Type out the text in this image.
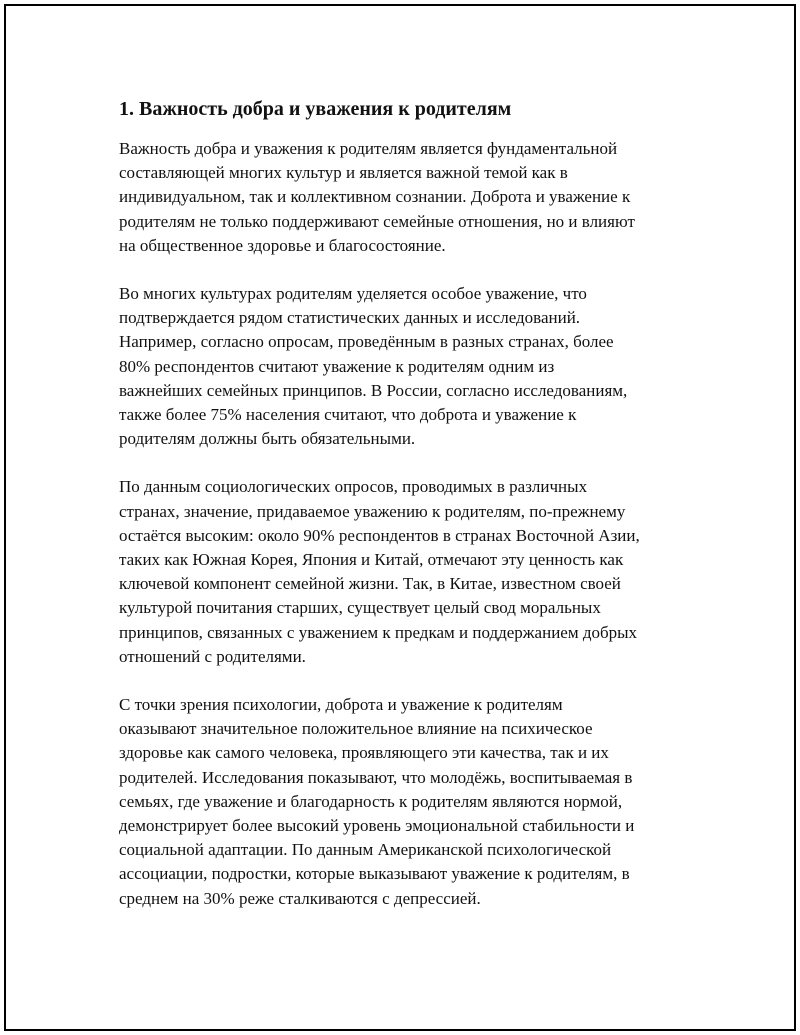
1. Важность добра и уважения к родителям

Важность добра и уважения к родителям является фундаментальной
составляющей многих культур и является важной темой как в
индивидуальном, так и коллективном сознании. Доброта и уважение к
родителям не только поддерживают семейные отношения, но и влияют
на общественное здоровье и благосостояние.

Во многих культурах родителям уделяется особое уважение, что
подтверждается рядом статистических данных и исследований.
Например, согласно опросам, проведённым в разных странах, более
80% респондентов считают уважение к родителям одним из
важнейших семейных принципов. В России, согласно исследованиям,
также более 75% населения считают, что доброта и уважение к
родителям должны быть обязательными.

По данным социологических опросов, проводимых в различных
странах, значение, придаваемое уважению к родителям, по-прежнему
остаётся высоким: около 90% респондентов в странах Восточной Азии,
таких как Южная Корея, Япония и Китай, отмечают эту ценность как
ключевой компонент семейной жизни. Так, в Китае, известном своей
культурой почитания старших, существует целый свод моральных
принципов, связанных с уважением к предкам и поддержанием добрых
отношений с родителями.

С точки зрения психологии, доброта и уважение к родителям
оказывают значительное положительное влияние на психическое
здоровье как самого человека, проявляющего эти качества, так и их
родителей. Исследования показывают, что молодёжь, воспитываемая в
семьях, где уважение и благодарность к родителям являются нормой,
демонстрирует более высокий уровень эмоциональной стабильности и
социальной адаптации. По данным Американской психологической
ассоциации, подростки, которые выказывают уважение к родителям, в
среднем на 30% реже сталкиваются с депрессией.
